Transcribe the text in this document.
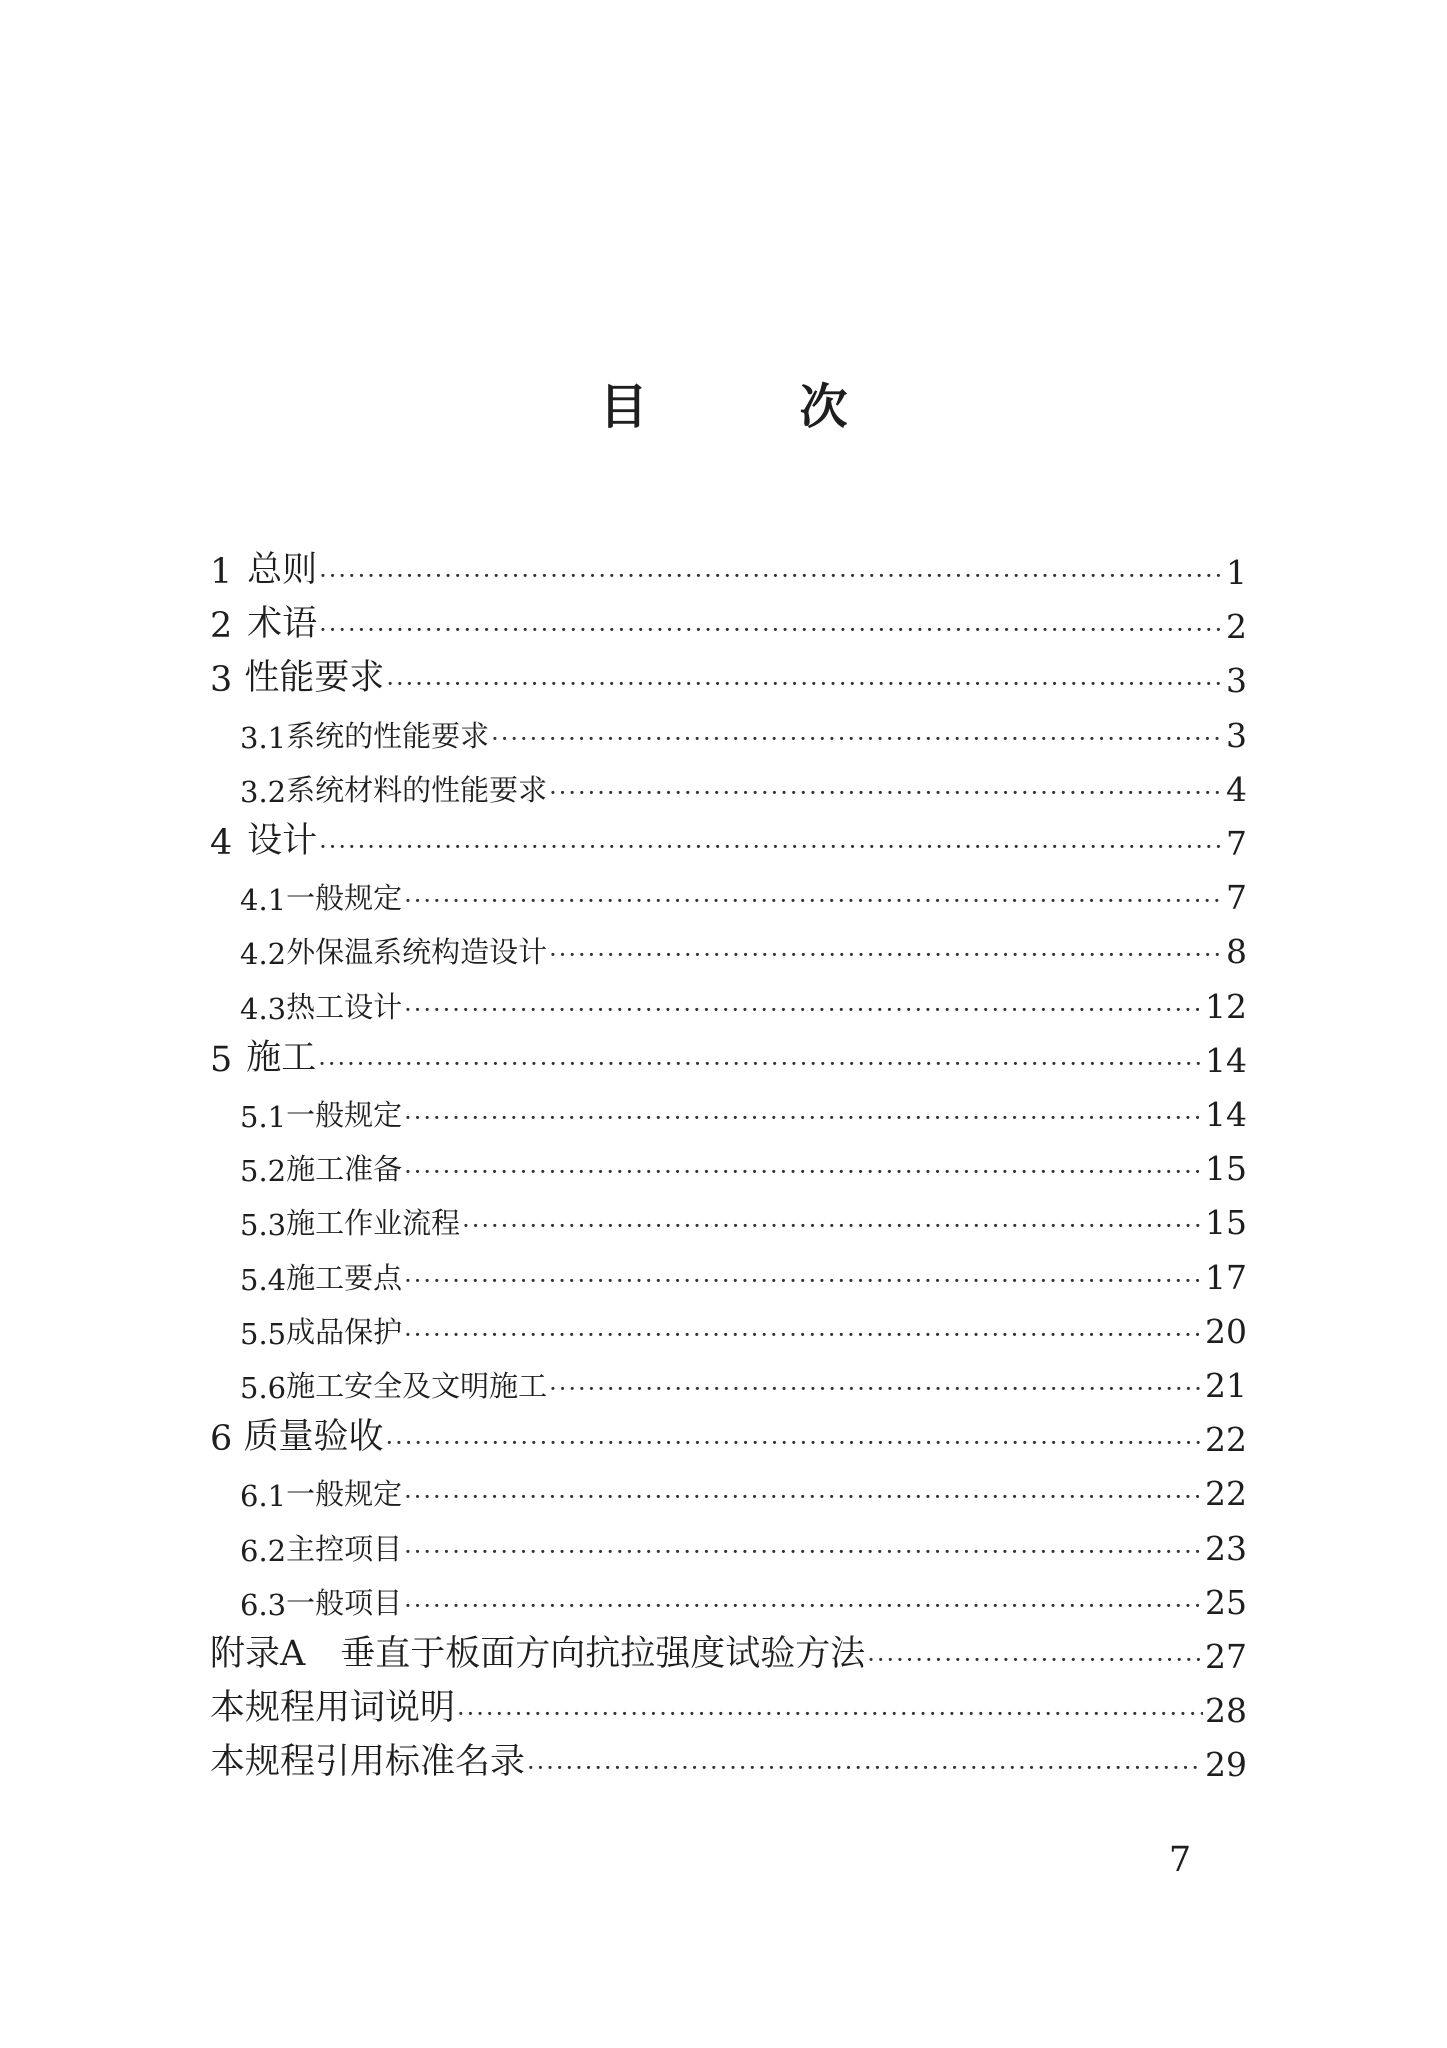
目　次
1 总则 ·····	1
2 术语 ·····	2
3 性能要求 ·····	3
3.1 系统的性能要求 ·····	3
3.2 系统材料的性能要求 ·····	4
4 设计 ·····	7
4.1 一般规定 ·····	7
4.2 外保温系统构造设计 ·····	8
4.3 热工设计 ·····	12
5 施工 ·····	14
5.1 一般规定 ·····	14
5.2 施工准备 ·····	15
5.3 施工作业流程 ·····	15
5.4 施工要点 ·····	17
5.5 成品保护 ·····	20
5.6 施工安全及文明施工 ·····	21
6 质量验收 ·····	22
6.1 一般规定 ·····	22
6.2 主控项目 ·····	23
6.3 一般项目 ·····	25
附录A　垂直于板面方向抗拉强度试验方法 ·····	27
本规程用词说明 ·····	28
本规程引用标准名录 ·····	29
7
